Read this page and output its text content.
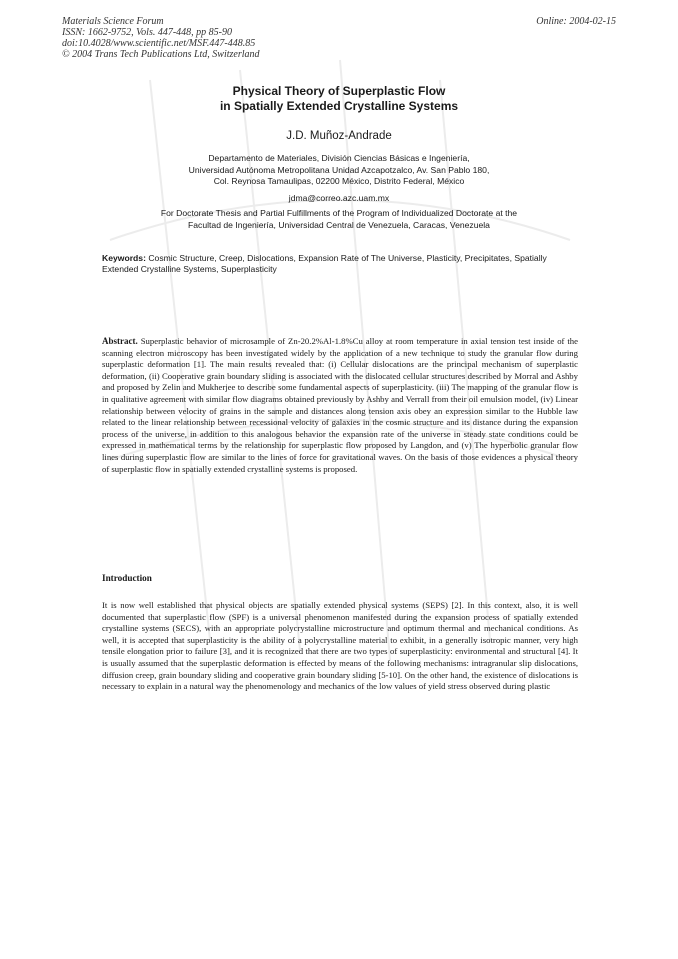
Materials Science Forum
ISSN: 1662-9752, Vols. 447-448, pp 85-90
doi:10.4028/www.scientific.net/MSF.447-448.85
© 2004 Trans Tech Publications Ltd, Switzerland
Online: 2004-02-15
Physical Theory of Superplastic Flow
in Spatially Extended Crystalline Systems
J.D. Muñoz-Andrade
Departamento de Materiales, División Ciencias Básicas e Ingeniería,
Universidad Autónoma Metropolitana Unidad Azcapotzalco, Av. San Pablo 180,
Col. Reynosa Tamaulipas, 02200 México, Distrito Federal, México
jdma@correo.azc.uam.mx
For Doctorate Thesis and Partial Fulfillments of the Program of Individualized Doctorate at the
Facultad de Ingeniería, Universidad Central de Venezuela, Caracas, Venezuela
Keywords: Cosmic Structure, Creep, Dislocations, Expansion Rate of The Universe, Plasticity, Precipitates, Spatially Extended Crystalline Systems, Superplasticity

Abstract. Superplastic behavior of microsample of Zn-20.2%Al-1.8%Cu alloy at room temperature in axial tension test inside of the scanning electron microscopy has been investigated widely by the application of a new technique to study the granular flow during superplastic deformation [1]. The main results revealed that: (i) Cellular dislocations are the principal mechanism of superplastic deformation, (ii) Cooperative grain boundary sliding is associated with the dislocated cellular structures described by Morral and Ashby and proposed by Zelin and Mukherjee to describe some fundamental aspects of superplasticity. (iii) The mapping of the granular flow is in qualitative agreement with similar flow diagrams obtained previously by Ashby and Verrall from their oil emulsion model, (iv) Linear relationship between velocity of grains in the sample and distances along tension axis obey an expression similar to the Hubble law related to the linear relationship between recessional velocity of galaxies in the cosmic structure and its distance during the expansion process of the universe, in addition to this analogous behavior the expansion rate of the universe in steady state conditions could be expressed in mathematical terms by the relationship for superplastic flow proposed by Langdon, and (v) The hyperbolic granular flow lines during superplastic flow are similar to the lines of force for gravitational waves. On the basis of those evidences a physical theory of superplastic flow in spatially extended crystalline systems is proposed.

Introduction

It is now well established that physical objects are spatially extended physical systems (SEPS) [2]. In this context, also, it is well documented that superplastic flow (SPF) is a universal phenomenon manifested during the expansion process of spatially extended crystalline systems (SECS), with an appropriate polycrystalline microstructure and optimum thermal and mechanical conditions. As well, it is accepted that superplasticity is the ability of a polycrystalline material to exhibit, in a generally isotropic manner, very high tensile elongation prior to failure [3], and it is recognized that there are two types of superplasticity: environmental and structural [4]. It is usually assumed that the superplastic deformation is effected by means of the following mechanisms: intragranular slip dislocations, diffusion creep, grain boundary sliding and cooperative grain boundary sliding [5-10]. On the other hand, the existence of dislocations is necessary to explain in a natural way the phenomenology and mechanics of the low values of yield stress observed during plastic
